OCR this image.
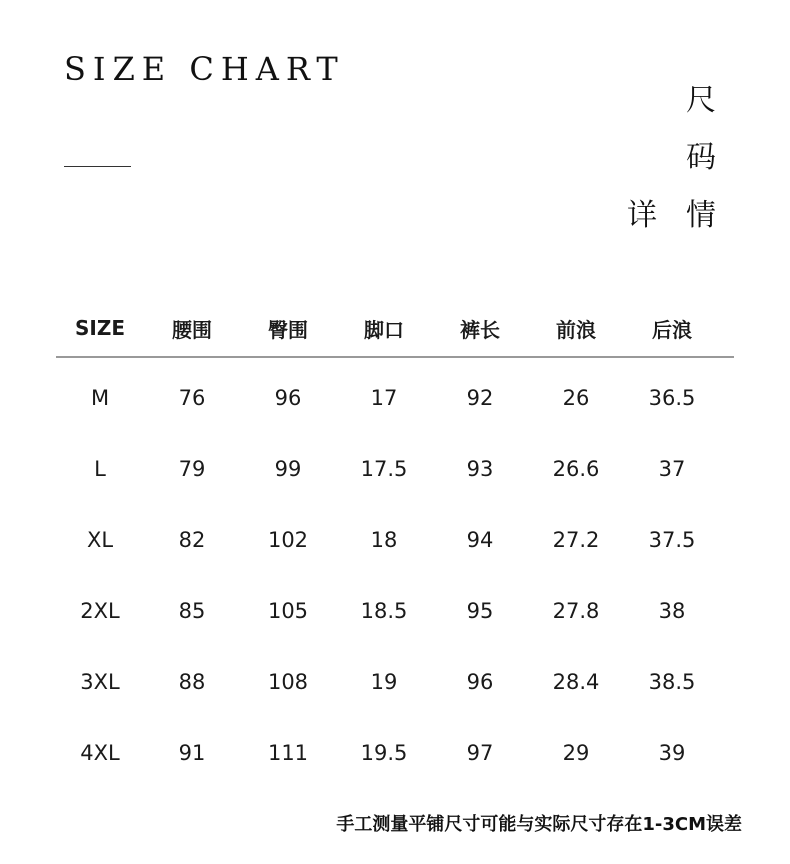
SIZE CHART
尺
码
详 情
SIZE	腰围	臀围	脚口	裤长	前浪	后浪
M	76	96	17	92	26	36.5
L	79	99	17.5	93	26.6	37
XL	82	102	18	94	27.2	37.5
2XL	85	105	18.5	95	27.8	38
3XL	88	108	19	96	28.4	38.5
4XL	91	111	19.5	97	29	39
手工测量平铺尺寸可能与实际尺寸存在1-3CM误差
